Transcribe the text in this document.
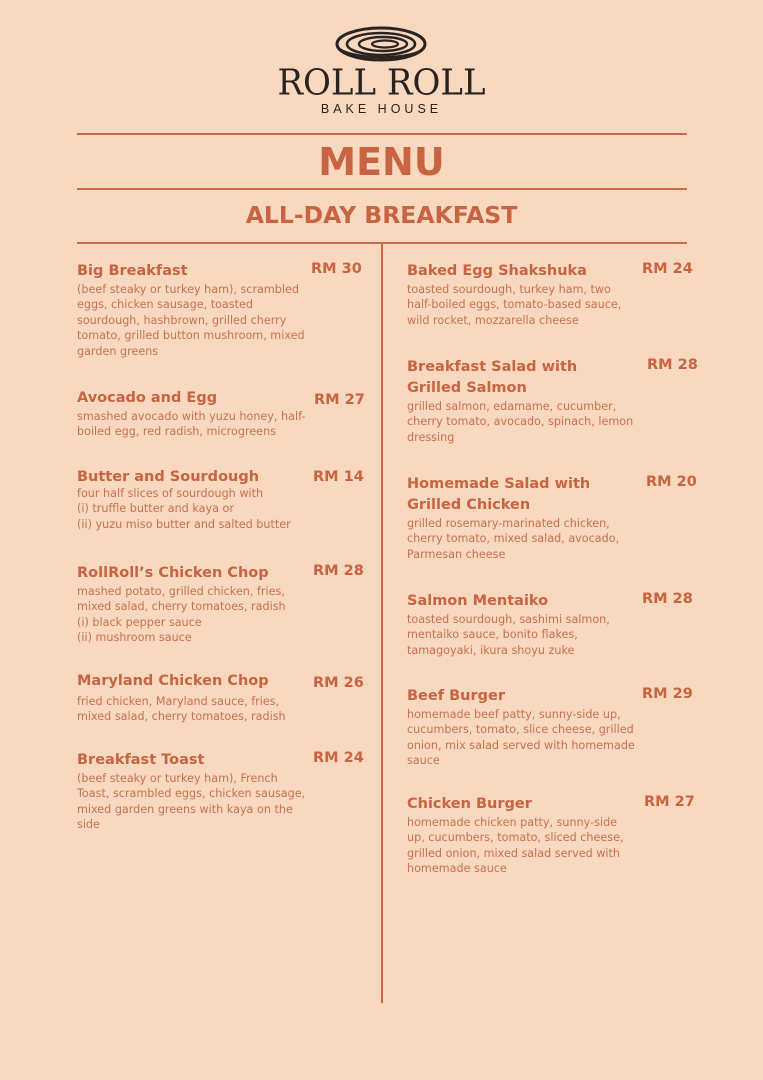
ROLL ROLL
BAKE HOUSE
MENU
ALL-DAY BREAKFAST
Big Breakfast
(beef steaky or turkey ham), scrambled
eggs, chicken sausage, toasted
sourdough, hashbrown, grilled cherry
tomato, grilled button mushroom, mixed
garden greens
RM 30
Avocado and Egg
smashed avocado with yuzu honey, half-
boiled egg, red radish, microgreens
RM 27
Butter and Sourdough
four half slices of sourdough with
(i) truffle butter and kaya or
(ii) yuzu miso butter and salted butter
RM 14
RollRoll’s Chicken Chop
mashed potato, grilled chicken, fries,
mixed salad, cherry tomatoes, radish
(i) black pepper sauce
(ii) mushroom sauce
RM 28
Maryland Chicken Chop
fried chicken, Maryland sauce, fries,
mixed salad, cherry tomatoes, radish
RM 26
Breakfast Toast
(beef steaky or turkey ham), French
Toast, scrambled eggs, chicken sausage,
mixed garden greens with kaya on the
side
RM 24
Baked Egg Shakshuka
toasted sourdough, turkey ham, two
half-boiled eggs, tomato-based sauce,
wild rocket, mozzarella cheese
RM 24
Breakfast Salad with
Grilled Salmon
grilled salmon, edamame, cucumber,
cherry tomato, avocado, spinach, lemon
dressing
RM 28
Homemade Salad with
Grilled Chicken
grilled rosemary-marinated chicken,
cherry tomato, mixed salad, avocado,
Parmesan cheese
RM 20
Salmon Mentaiko
toasted sourdough, sashimi salmon,
mentaiko sauce, bonito flakes,
tamagoyaki, ikura shoyu zuke
RM 28
Beef Burger
homemade beef patty, sunny-side up,
cucumbers, tomato, slice cheese, grilled
onion, mix salad served with homemade
sauce
RM 29
Chicken Burger
homemade chicken patty, sunny-side
up, cucumbers, tomato, sliced cheese,
grilled onion, mixed salad served with
homemade sauce
RM 27
